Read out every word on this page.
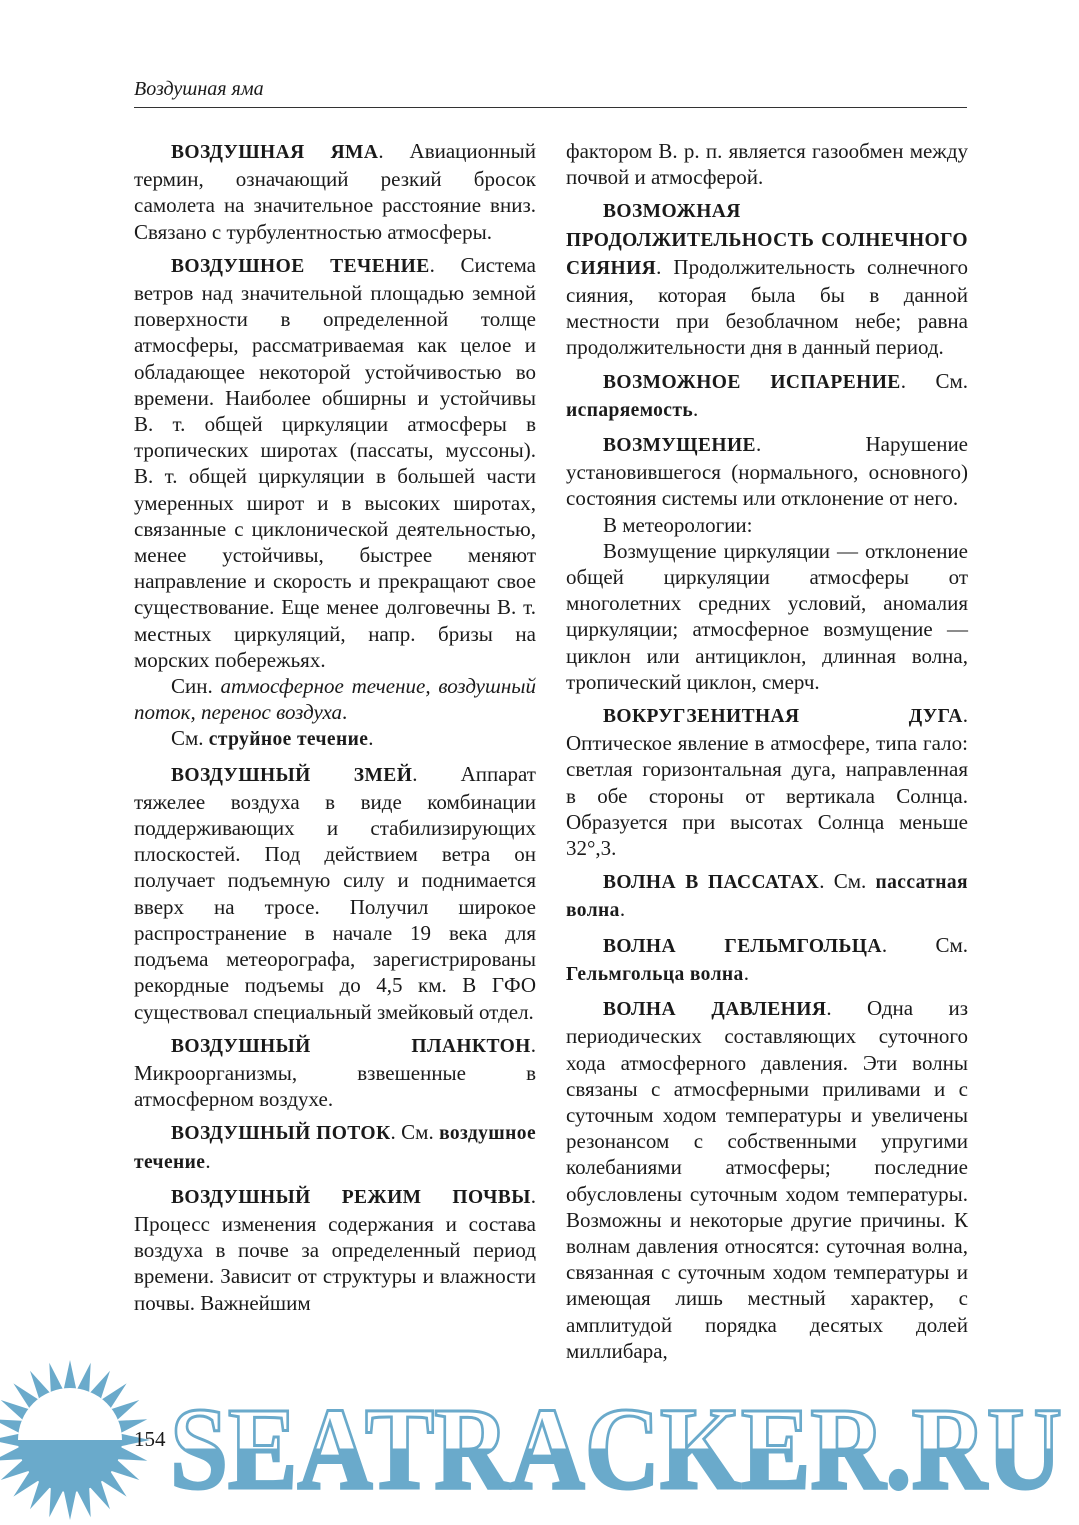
Воздушная яма

ВОЗДУШНАЯ ЯМА. Авиационный термин, означающий резкий бросок самолета на значительное расстояние вниз. Связано с турбулентностью атмосферы.

ВОЗДУШНОЕ ТЕЧЕНИЕ. Система ветров над значительной площадью земной поверхности в определенной толще атмосферы, рассматриваемая как целое и обладающее некоторой устойчивостью во времени. Наиболее обширны и устойчивы В. т. общей циркуляции атмосферы в тропических широтах (пассаты, муссоны). В. т. общей циркуляции в большей части умеренных широт и в высоких широтах, связанные с циклонической деятельностью, менее устойчивы, быстрее меняют направление и скорость и прекращают свое существование. Еще менее долговечны В. т. местных циркуляций, напр. бризы на морских побережьях.

Син. атмосферное течение, воздушный поток, перенос воздуха.

См. струйное течение.

ВОЗДУШНЫЙ ЗМЕЙ. Аппарат тяжелее воздуха в виде комбинации поддерживающих и стабилизирующих плоскостей. Под действием ветра он получает подъемную силу и поднимается вверх на тросе. Получил широкое распространение в начале 19 века для подъема метеорографа, зарегистрированы рекордные подъемы до 4,5 км. В ГФО существовал специальный змейковый отдел.

ВОЗДУШНЫЙ ПЛАНКТОН. Микроорганизмы, взвешенные в атмосферном воздухе.

ВОЗДУШНЫЙ ПОТОК. См. воздушное течение.

ВОЗДУШНЫЙ РЕЖИМ ПОЧВЫ. Процесс изменения содержания и состава воздуха в почве за определенный период времени. Зависит от структуры и влажности почвы. Важнейшим

фактором В. р. п. является газообмен между почвой и атмосферой.

ВОЗМОЖНАЯ ПРОДОЛЖИТЕЛЬНОСТЬ СОЛНЕЧНОГО СИЯНИЯ. Продолжительность солнечного сияния, которая была бы в данной местности при безоблачном небе; равна продолжительности дня в данный период.

ВОЗМОЖНОЕ ИСПАРЕНИЕ. См. испаряемость.

ВОЗМУЩЕНИЕ. Нарушение установившегося (нормального, основного) состояния системы или отклонение от него.

В метеорологии:

Возмущение циркуляции — отклонение общей циркуляции атмосферы от многолетних средних условий, аномалия циркуляции; атмосферное возмущение — циклон или антициклон, длинная волна, тропический циклон, смерч.

ВОКРУГЗЕНИТНАЯ ДУГА. Оптическое явление в атмосфере, типа гало: светлая горизонтальная дуга, направленная в обе стороны от вертикала Солнца. Образуется при высотах Солнца меньше 32°,3.

ВОЛНА В ПАССАТАХ. См. пассатная волна.

ВОЛНА ГЕЛЬМГОЛЬЦА. См. Гельмгольца волна.

ВОЛНА ДАВЛЕНИЯ. Одна из периодических составляющих суточного хода атмосферного давления. Эти волны связаны с атмосферными приливами и с суточным ходом температуры и увеличены резонансом с собственными упругими колебаниями атмосферы; последние обусловлены суточным ходом температуры. Возможны и некоторые другие причины. К волнам давления относятся: суточная волна, связанная с суточным ходом температуры и имеющая лишь местный характер, с амплитудой порядка десятых долей миллибара,

154 SEATRACKER.RU
